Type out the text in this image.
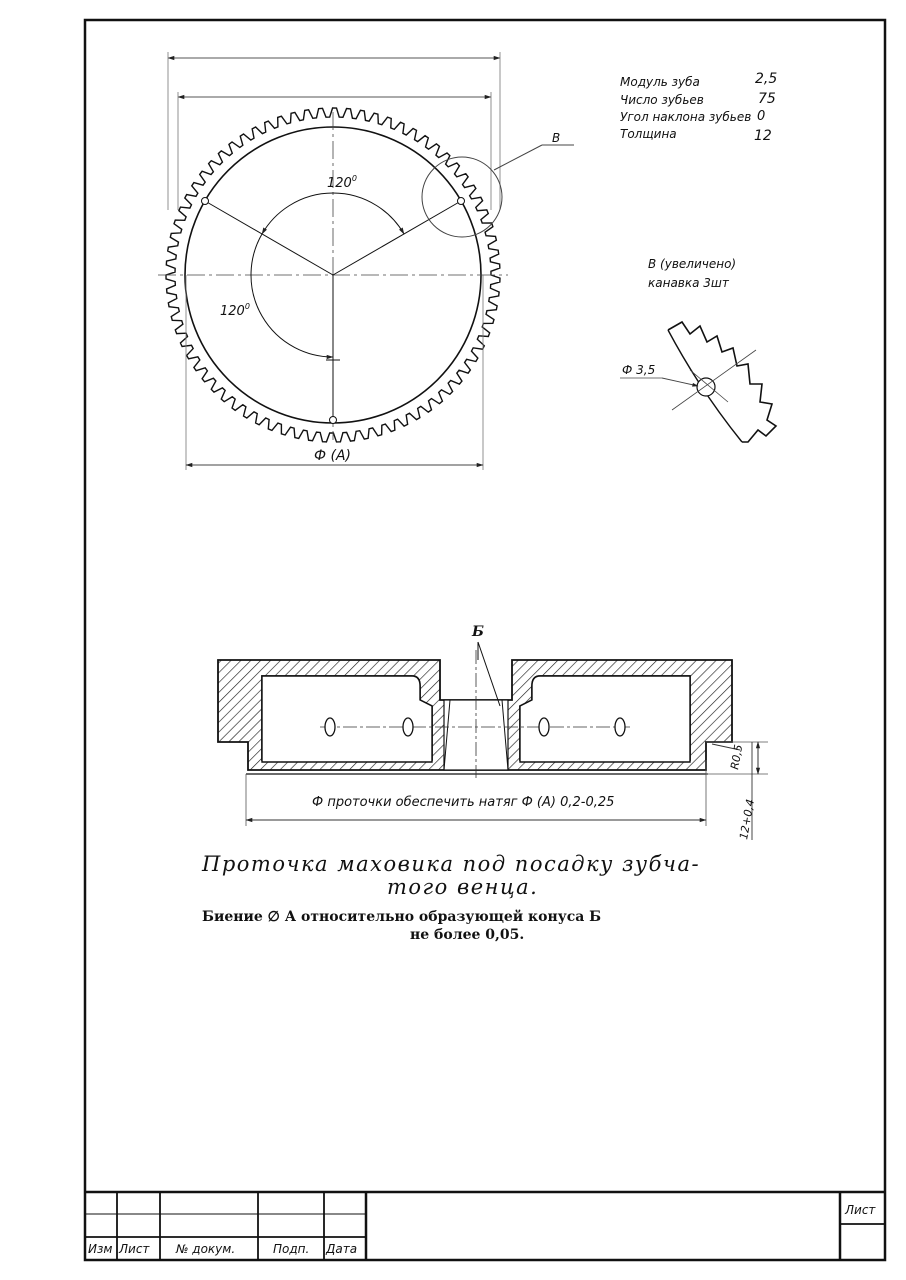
$120^0$
$120^0$
В
Ф (А)
Модуль зуба	2,5
Число зубьев	75
Угол наклона зубьев 0
Толщина	12
В (увеличено)
канавка 3шт
Ф 3,5
Б
Ф проточки обеспечить натяг Ф (А) 0,2-0,25
R0,5
12+0,4
Проточка маховика под посадку зубча-
того венца.
Биение ∅ А относительно образующей конуса Б
не более 0,05.
Изм Лист № докум.	Подп. Дата
Лист
